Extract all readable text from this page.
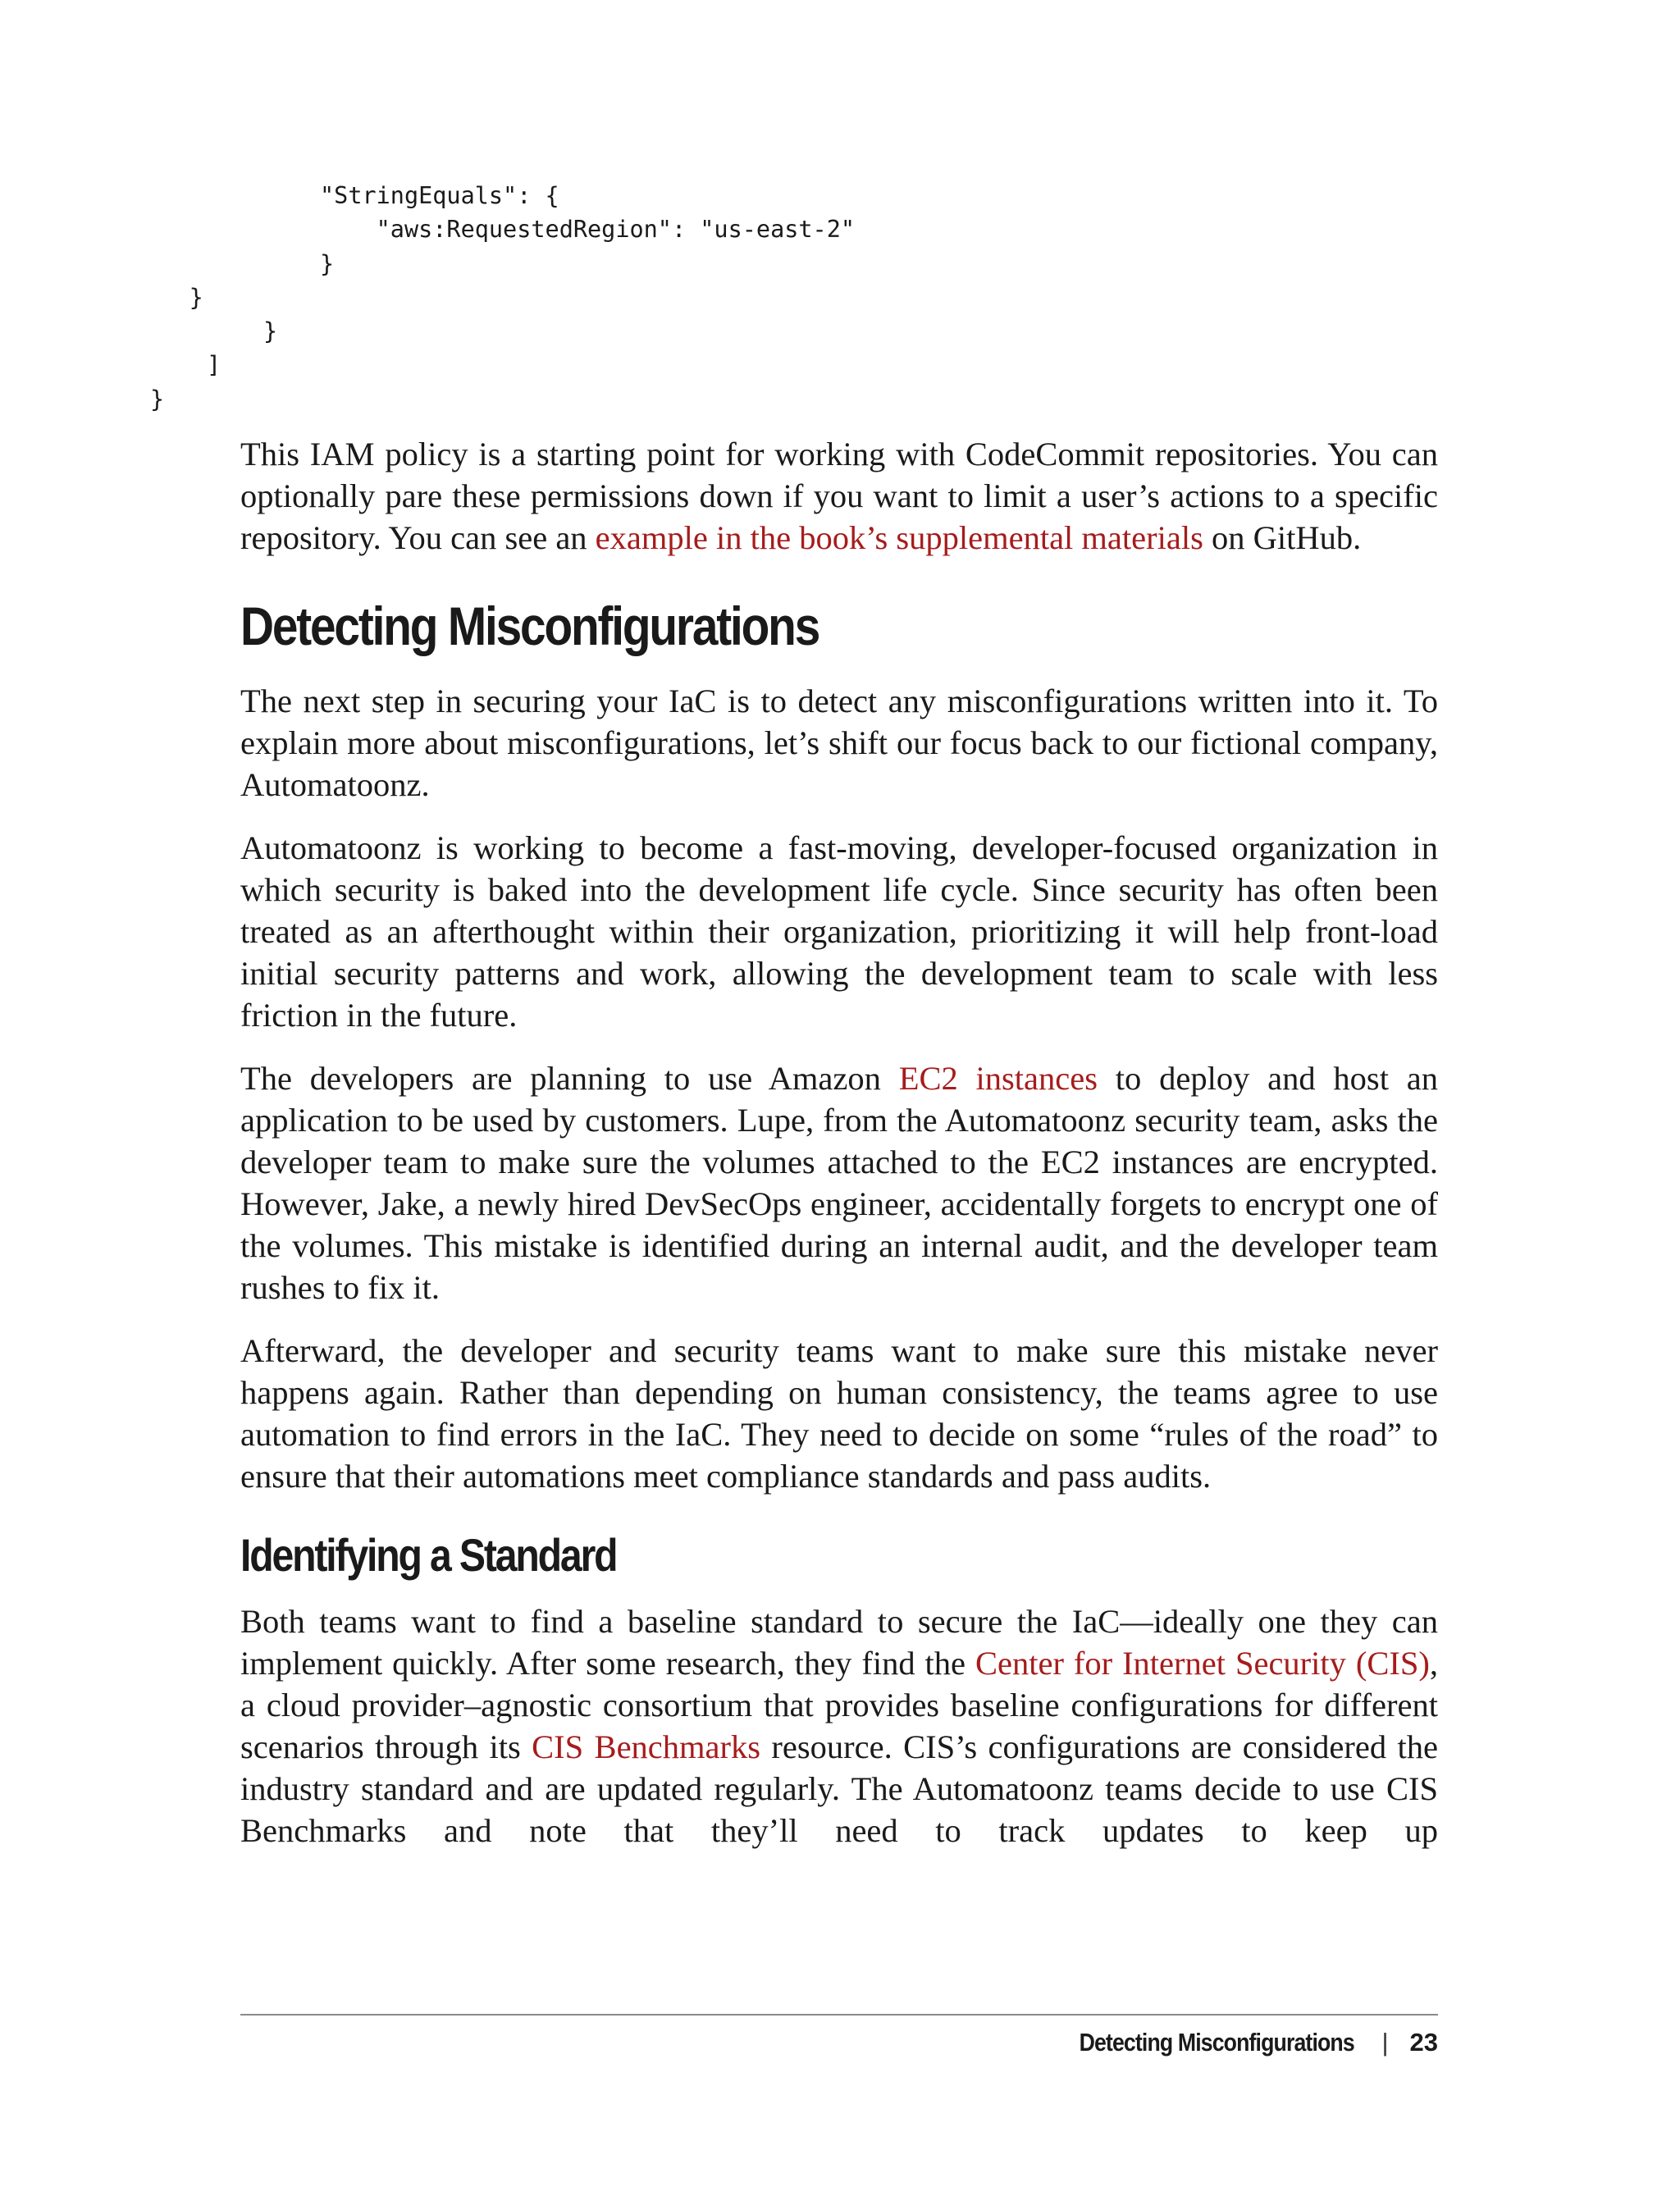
"StringEquals": {
"aws:RequestedRegion": "us-east-2"
}
}
}
]
}

This IAM policy is a starting point for working with CodeCommit repositories. You can optionally pare these permissions down if you want to limit a user’s actions to a specific repository. You can see an example in the book’s supplemental materials on GitHub.

Detecting Misconfigurations

The next step in securing your IaC is to detect any misconfigurations written into it. To explain more about misconfigurations, let’s shift our focus back to our fictional company, Automatoonz.

Automatoonz is working to become a fast-moving, developer-focused organization in which security is baked into the development life cycle. Since security has often been treated as an afterthought within their organization, prioritizing it will help front-load initial security patterns and work, allowing the development team to scale with less friction in the future.

The developers are planning to use Amazon EC2 instances to deploy and host an application to be used by customers. Lupe, from the Automatoonz security team, asks the developer team to make sure the volumes attached to the EC2 instances are encrypted. However, Jake, a newly hired DevSecOps engineer, accidentally forgets to encrypt one of the volumes. This mistake is identified during an internal audit, and the developer team rushes to fix it.

Afterward, the developer and security teams want to make sure this mistake never happens again. Rather than depending on human consistency, the teams agree to use automation to find errors in the IaC. They need to decide on some “rules of the road” to ensure that their automations meet compliance standards and pass audits.

Identifying a Standard

Both teams want to find a baseline standard to secure the IaC—ideally one they can implement quickly. After some research, they find the Center for Internet Security (CIS), a cloud provider–agnostic consortium that provides baseline configurations for different scenarios through its CIS Benchmarks resource. CIS’s configurations are considered the industry standard and are updated regularly. The Automatoonz teams decide to use CIS Benchmarks and note that they’ll need to track updates to keep up

Detecting Misconfigurations | 23
